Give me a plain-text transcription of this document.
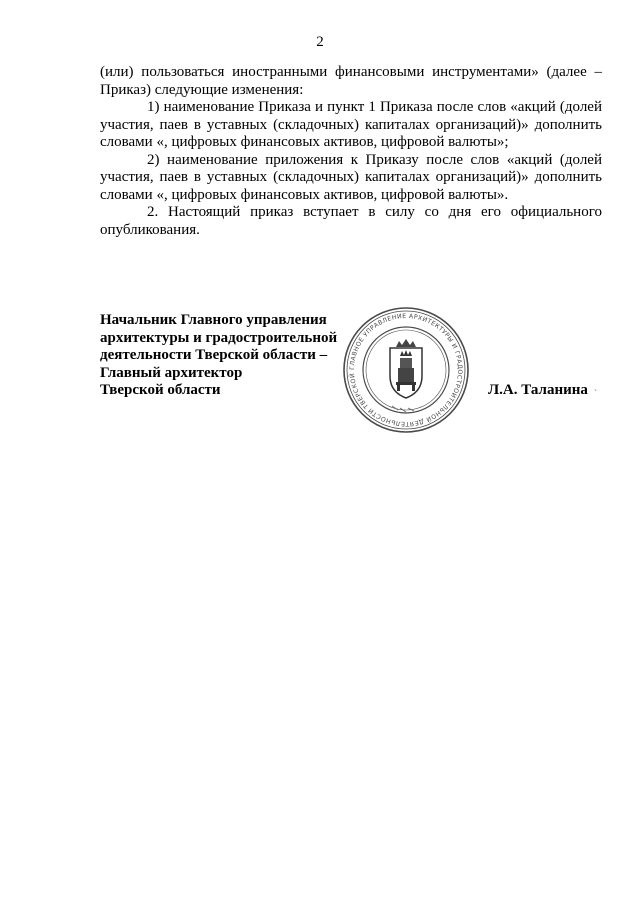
2

(или) пользоваться иностранными финансовыми инструментами» (далее – Приказ) следующие изменения:

1) наименование Приказа и пункт 1 Приказа после слов «акций (долей участия, паев в уставных (складочных) капиталах организаций)» дополнить словами «, цифровых финансовых активов, цифровой валюты»;

2) наименование приложения к Приказу после слов «акций (долей участия, паев в уставных (складочных) капиталах организаций)» дополнить словами «, цифровых финансовых активов, цифровой валюты».

2. Настоящий приказ вступает в силу со дня его официального опубликования.

Начальник Главного управления
архитектуры и градостроительной
деятельности Тверской области –
Главный архитектор
Тверской области	Л.А. Таланина
ГЛАВНОЕ УПРАВЛЕНИЕ АРХИТЕКТУРЫ И ГРАДОСТРОИТЕЛЬНОЙ ДЕЯТЕЛЬНОСТИ ТВЕРСКОЙ
`
